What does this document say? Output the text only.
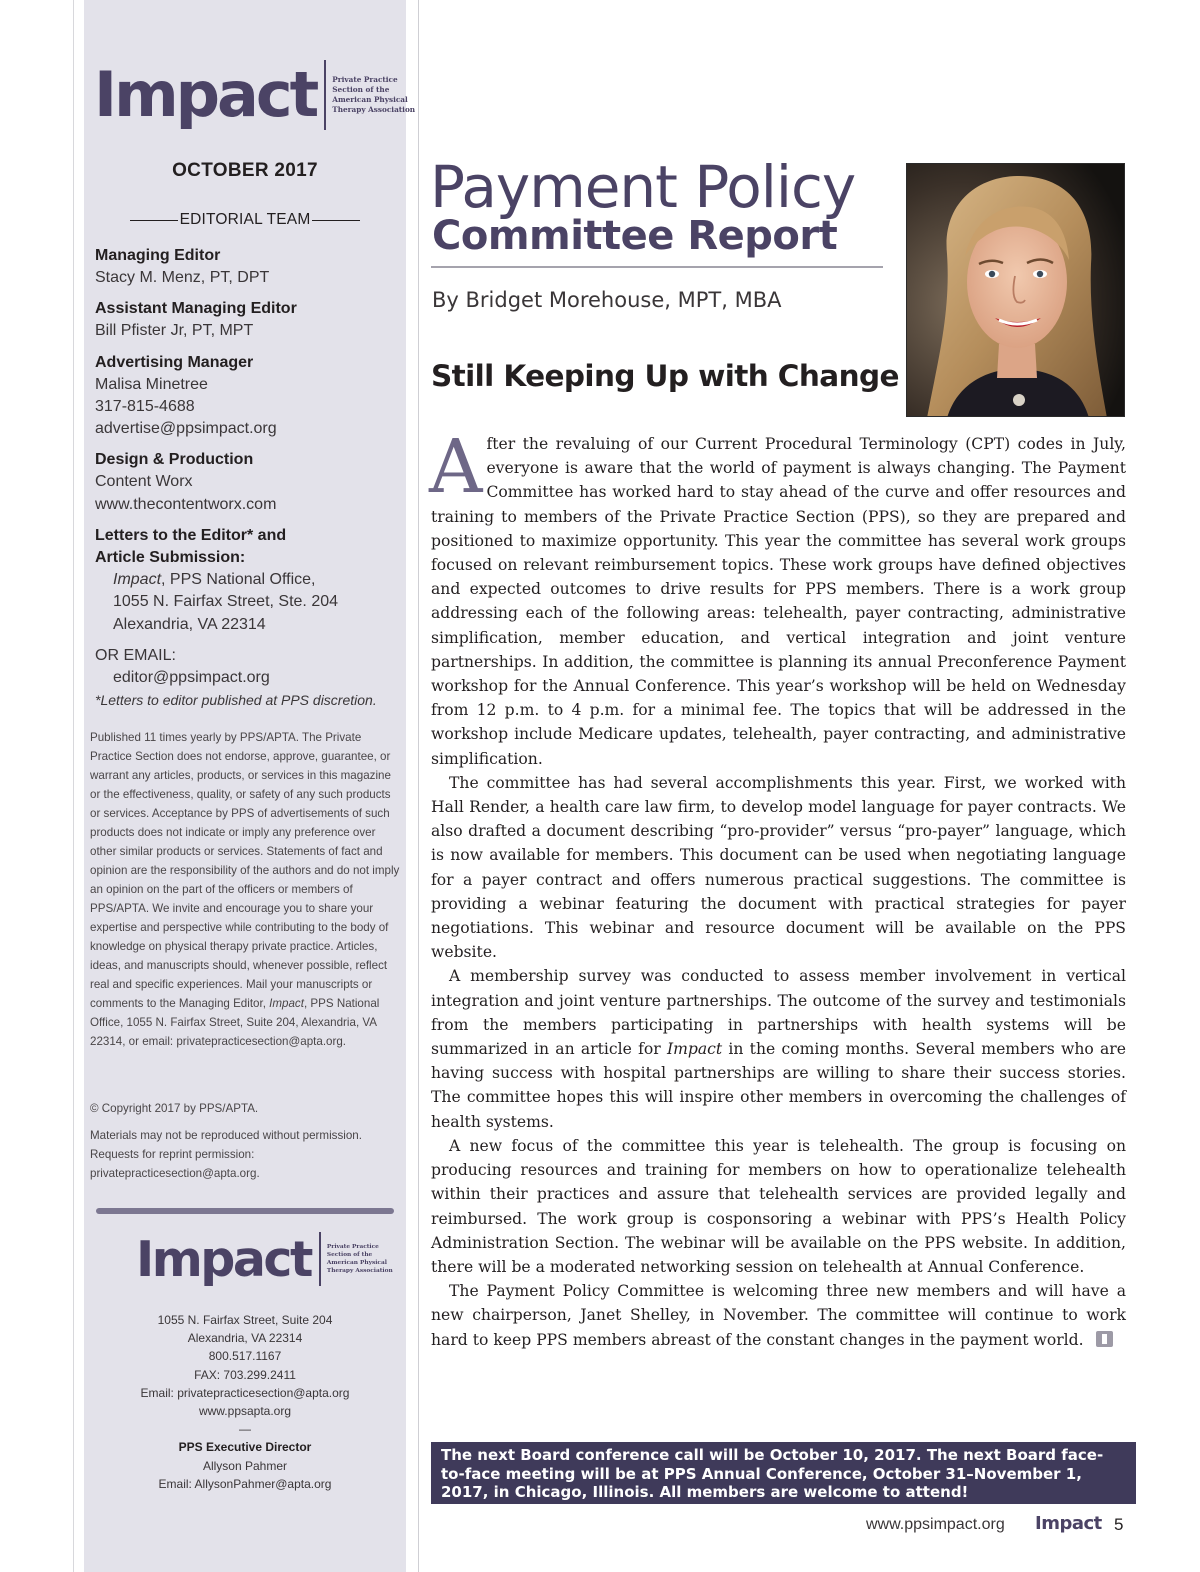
Impact Private Practice
Section of the
American Physical
Therapy Association
OCTOBER 2017
EDITORIAL TEAM
Managing Editor
Stacy M. Menz, PT, DPT
Assistant Managing Editor
Bill Pfister Jr, PT, MPT
Advertising Manager
Malisa Minetree
317-815-4688
advertise@ppsimpact.org
Design & Production
Content Worx
www.thecontentworx.com
Letters to the Editor* and
Article Submission:
Impact, PPS National Office,
1055 N. Fairfax Street, Ste. 204
Alexandria, VA 22314
OR EMAIL:
editor@ppsimpact.org
*Letters to editor published at PPS discretion.
Published 11 times yearly by PPS/APTA. The Private Practice Section does not endorse, approve, guarantee, or warrant any articles, products, or services in this magazine or the effectiveness, quality, or safety of any such products or services. Acceptance by PPS of advertisements of such products does not indicate or imply any preference over other similar products or services. Statements of fact and opinion are the responsibility of the authors and do not imply an opinion on the part of the officers or members of PPS/APTA. We invite and encourage you to share your expertise and perspective while contributing to the body of knowledge on physical therapy private practice. Articles, ideas, and manuscripts should, whenever possible, reflect real and specific experiences. Mail your manuscripts or comments to the Managing Editor, Impact, PPS National Office, 1055 N. Fairfax Street, Suite 204, Alexandria, VA 22314, or email: privatepracticesection@apta.org.
© Copyright 2017 by PPS/APTA.
Materials may not be reproduced without permission. Requests for reprint permission: privatepracticesection@apta.org.
Impact	Private Practice
Section of the
American Physical
Therapy Association
1055 N. Fairfax Street, Suite 204
Alexandria, VA 22314
800.517.1167
FAX: 703.299.2411
Email: privatepracticesection@apta.org
www.ppsapta.org
—
PPS Executive Director
Allyson Pahmer
Email: AllysonPahmer@apta.org
Payment Policy
Committee Report
By Bridget Morehouse, MPT, MBA
Still Keeping Up with Change

After the revaluing of our Current Procedural Terminology (CPT) codes in July, everyone is aware that the world of payment is always changing. The Payment Committee has worked hard to stay ahead of the curve and offer resources and training to members of the Private Practice Section (PPS), so they are prepared and positioned to maximize opportunity. This year the committee has several work groups focused on relevant reimbursement topics. These work groups have defined objectives and expected outcomes to drive results for PPS members. There is a work group addressing each of the following areas: telehealth, payer contracting, administrative simplification, member education, and vertical integration and joint venture partnerships. In addition, the committee is planning its annual Preconference Payment workshop for the Annual Conference. This year’s workshop will be held on Wednesday from 12 p.m. to 4 p.m. for a minimal fee. The topics that will be addressed in the workshop include Medicare updates, telehealth, payer contracting, and administrative simplification.

The committee has had several accomplishments this year. First, we worked with Hall Render, a health care law firm, to develop model language for payer contracts. We also drafted a document describing “pro-provider” versus “pro-payer” language, which is now available for members. This document can be used when negotiating language for a payer contract and offers numerous practical suggestions. The committee is providing a webinar featuring the document with practical strategies for payer negotiations. This webinar and resource document will be available on the PPS website.

A membership survey was conducted to assess member involvement in vertical integration and joint venture partnerships. The outcome of the survey and testimonials from the members participating in partnerships with health systems will be summarized in an article for Impact in the coming months. Several members who are having success with hospital partnerships are willing to share their success stories. The committee hopes this will inspire other members in overcoming the challenges of health systems.

A new focus of the committee this year is telehealth. The group is focusing on producing resources and training for members on how to operationalize telehealth within their practices and assure that telehealth services are provided legally and reimbursed. The work group is cosponsoring a webinar with PPS’s Health Policy Administration Section. The webinar will be available on the PPS website. In addition, there will be a moderated networking session on telehealth at Annual Conference.

The Payment Policy Committee is welcoming three new members and will have a new chairperson, Janet Shelley, in November. The committee will continue to work hard to keep PPS members abreast of the constant changes in the payment world.

The next Board conference call will be October 10, 2017. The next Board face-to-face meeting will be at PPS Annual Conference, October 31–November 1, 2017, in Chicago, Illinois. All members are welcome to attend!
www.ppsimpact.org Impact 5
